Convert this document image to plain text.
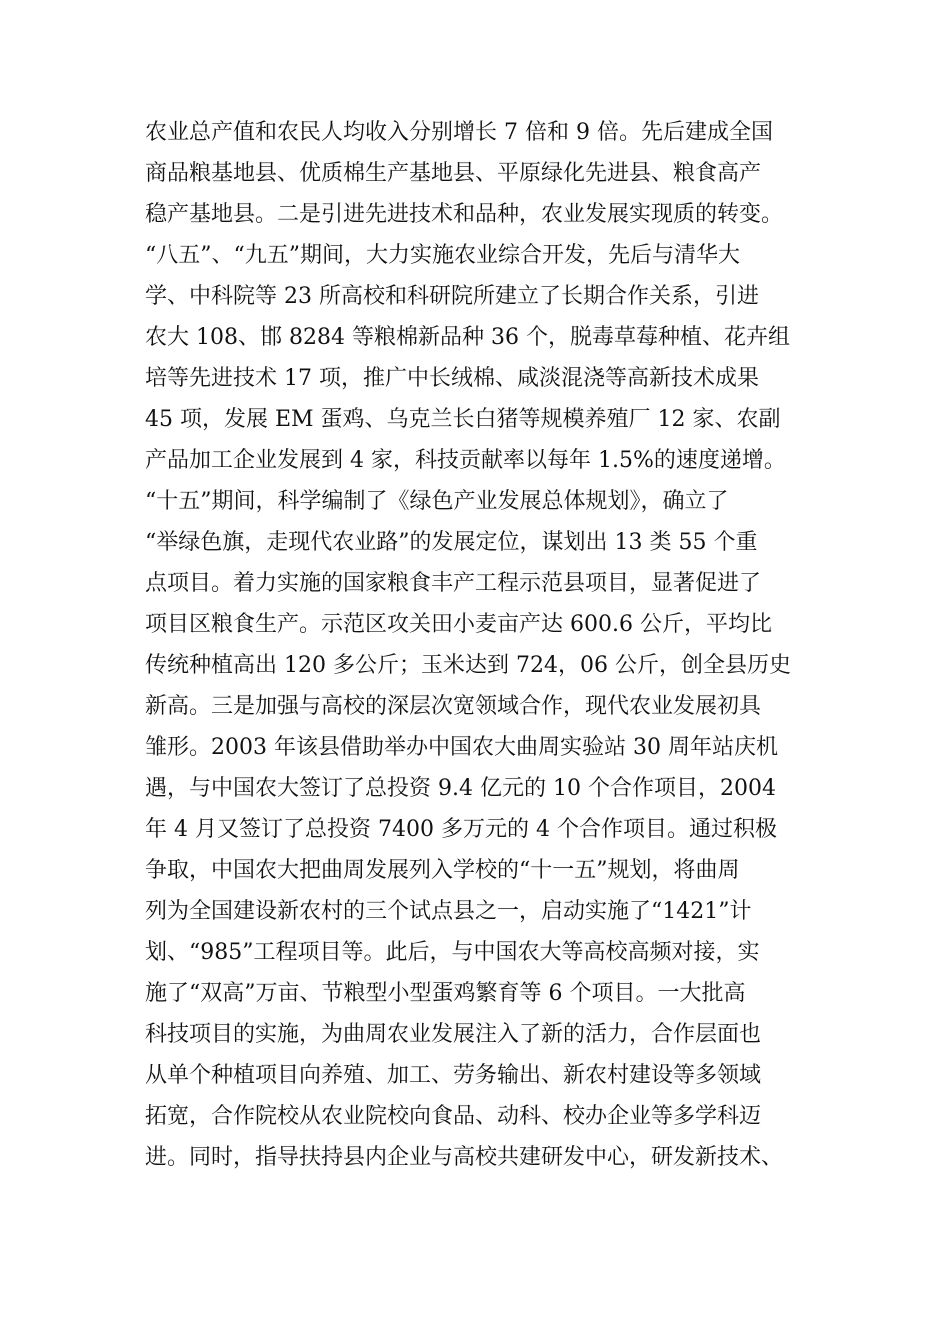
农业总产值和农民人均收入分别增长 7 倍和 9 倍。先后建成全国
商品粮基地县、优质棉生产基地县、平原绿化先进县、粮食高产
稳产基地县。二是引进先进技术和品种，农业发展实现质的转变。
“八五”、“九五”期间，大力实施农业综合开发，先后与清华大
学、中科院等 23 所高校和科研院所建立了长期合作关系，引进
农大 108、邯 8284 等粮棉新品种 36 个，脱毒草莓种植、花卉组
培等先进技术 17 项，推广中长绒棉、咸淡混浇等高新技术成果
45 项，发展 EM 蛋鸡、乌克兰长白猪等规模养殖厂 12 家、农副
产品加工企业发展到 4 家，科技贡献率以每年 1.5%的速度递增。
“十五”期间，科学编制了《绿色产业发展总体规划》，确立了
“举绿色旗，走现代农业路”的发展定位，谋划出 13 类 55 个重
点项目。着力实施的国家粮食丰产工程示范县项目，显著促进了
项目区粮食生产。示范区攻关田小麦亩产达 600.6 公斤，平均比
传统种植高出 120 多公斤；玉米达到 724，06 公斤，创全县历史
新高。三是加强与高校的深层次宽领域合作，现代农业发展初具
雏形。2003 年该县借助举办中国农大曲周实验站 30 周年站庆机
遇，与中国农大签订了总投资 9.4 亿元的 10 个合作项目，2004
年 4 月又签订了总投资 7400 多万元的 4 个合作项目。通过积极
争取，中国农大把曲周发展列入学校的“十一五”规划，将曲周
列为全国建设新农村的三个试点县之一，启动实施了“1421”计
划、“985”工程项目等。此后，与中国农大等高校高频对接，实
施了“双高”万亩、节粮型小型蛋鸡繁育等 6 个项目。一大批高
科技项目的实施，为曲周农业发展注入了新的活力，合作层面也
从单个种植项目向养殖、加工、劳务输出、新农村建设等多领域
拓宽，合作院校从农业院校向食品、动科、校办企业等多学科迈
进。同时，指导扶持县内企业与高校共建研发中心，研发新技术、
